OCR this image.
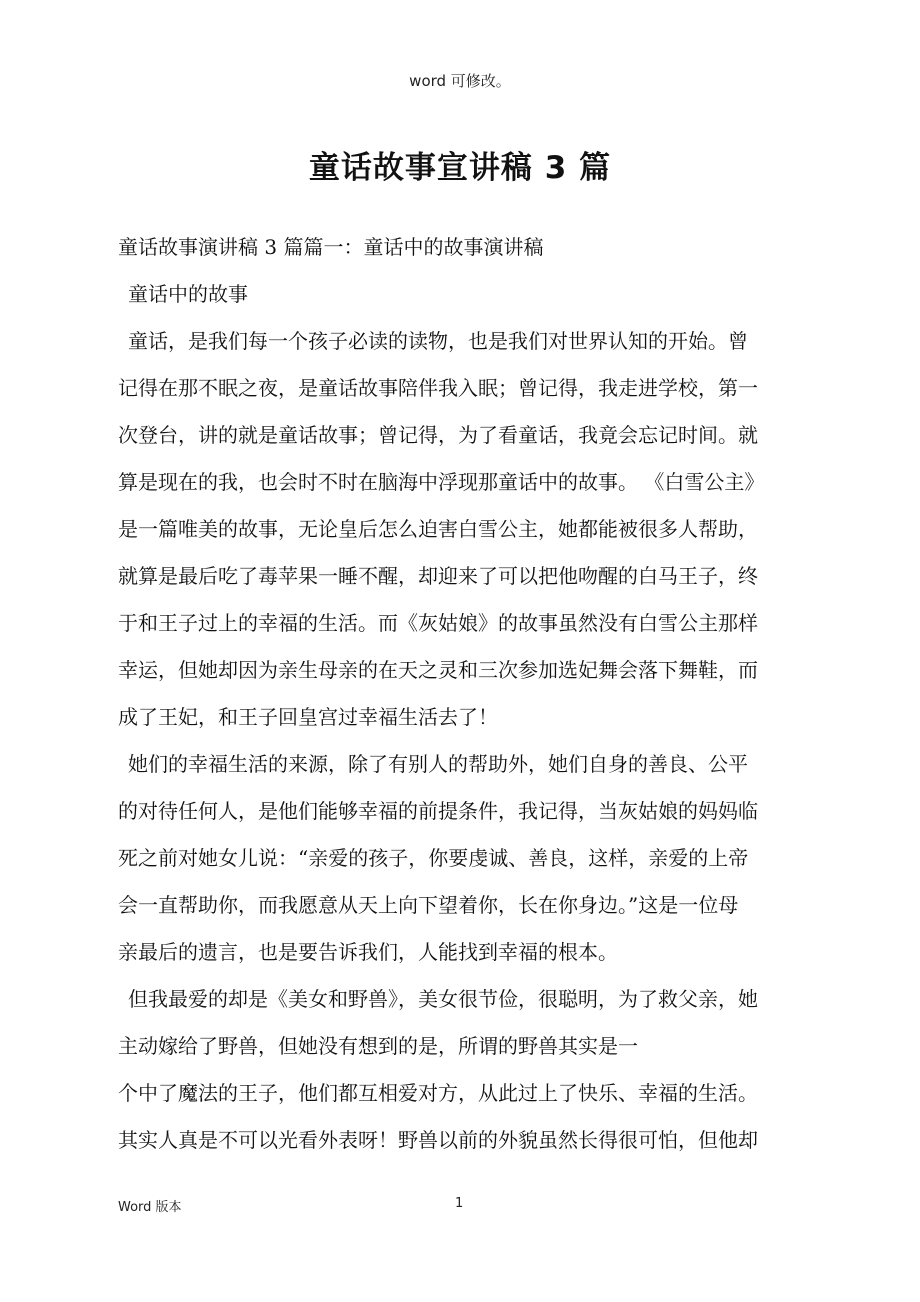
word 可修改。
童话故事宣讲稿 3 篇
童话故事演讲稿 3 篇篇一：童话中的故事演讲稿
童话中的故事
童话，是我们每一个孩子必读的读物，也是我们对世界认知的开始。曾
记得在那不眠之夜，是童话故事陪伴我入眠；曾记得，我走进学校，第一
次登台，讲的就是童话故事；曾记得，为了看童话，我竟会忘记时间。就
算是现在的我，也会时不时在脑海中浮现那童话中的故事。 《白雪公主》
是一篇唯美的故事，无论皇后怎么迫害白雪公主，她都能被很多人帮助，
就算是最后吃了毒苹果一睡不醒，却迎来了可以把他吻醒的白马王子，终
于和王子过上的幸福的生活。而《灰姑娘》的故事虽然没有白雪公主那样
幸运，但她却因为亲生母亲的在天之灵和三次参加选妃舞会落下舞鞋，而
成了王妃，和王子回皇宫过幸福生活去了！
她们的幸福生活的来源，除了有别人的帮助外，她们自身的善良、公平
的对待任何人，是他们能够幸福的前提条件，我记得，当灰姑娘的妈妈临
死之前对她女儿说：“亲爱的孩子，你要虔诚、善良，这样，亲爱的上帝
会一直帮助你，而我愿意从天上向下望着你，长在你身边。”这是一位母
亲最后的遗言，也是要告诉我们，人能找到幸福的根本。
但我最爱的却是《美女和野兽》，美女很节俭，很聪明，为了救父亲，她
主动嫁给了野兽，但她没有想到的是，所谓的野兽其实是一
个中了魔法的王子，他们都互相爱对方，从此过上了快乐、幸福的生活。
其实人真是不可以光看外表呀！野兽以前的外貌虽然长得很可怕，但他却
Word 版本	1
